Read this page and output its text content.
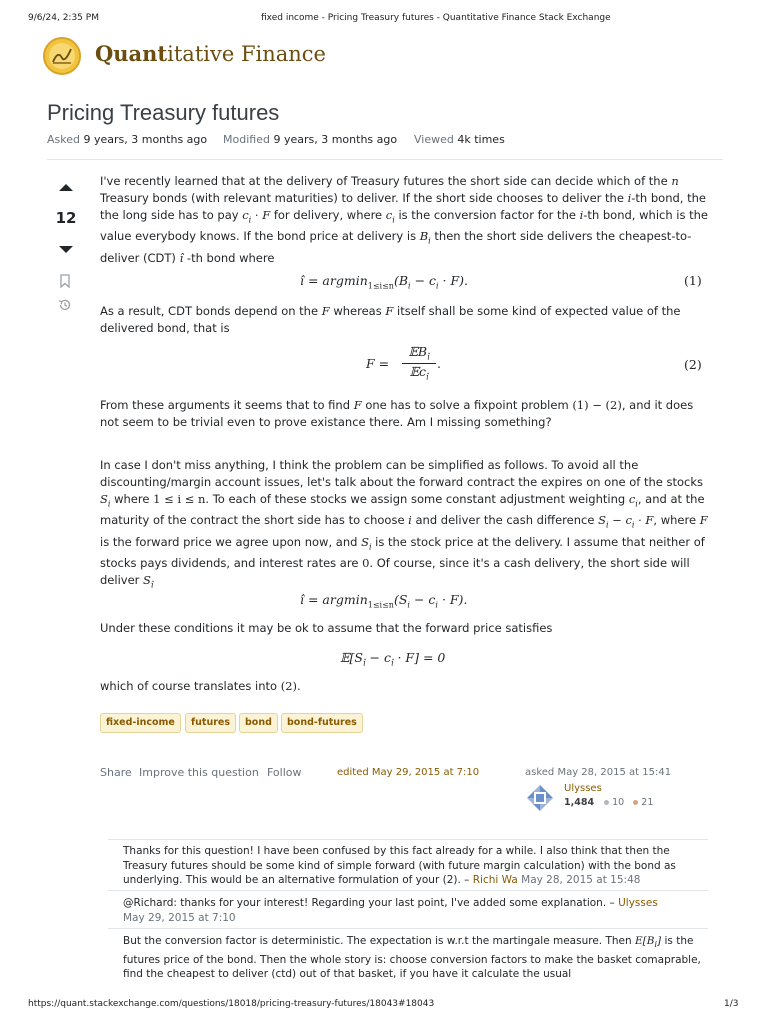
9/6/24, 2:35 PM	fixed income - Pricing Treasury futures - Quantitative Finance Stack Exchange
Quantitative Finance
Pricing Treasury futures
Asked 9 years, 3 months ago Modified 9 years, 3 months ago Viewed 4k times
12
I've recently learned that at the delivery of Treasury futures the short side can decide which of the n Treasury bonds (with relevant maturities) to deliver. If the short side chooses to deliver the i-th bond, the the long side has to pay $c_i \cdot F$ for delivery, where $c_i$ is the conversion factor for the i-th bond, which is the value everybody knows. If the bond price at delivery is $B_i$ then the short side delivers the cheapest-to-deliver (CDT) î -th bond where
î = $argmin_{1\le i\le n}(B_i - c_i \cdot F)$.	(1)
As a result, CDT bonds depend on the F whereas F itself shall be some kind of expected value of the delivered bond, that is
F =
𝔼B$_î$
𝔼c$_î$
.	(2)
From these arguments it seems that to find F one has to solve a fixpoint problem (1) − (2), and it does not seem to be trivial even to prove existance there. Am I missing something?
In case I don't miss anything, I think the problem can be simplified as follows. To avoid all the discounting/margin account issues, let's talk about the forward contract the expires on one of the stocks $S_i$ where 1 ≤ i ≤ n. To each of these stocks we assign some constant adjustment weighting $c_i$, and at the maturity of the contract the short side has to choose i and deliver the cash difference $S_i - c_i \cdot F$, where F is the forward price we agree upon now, and $S_i$ is the stock price at the delivery. I assume that neither of stocks pays dividends, and interest rates are 0. Of course, since it's a cash delivery, the short side will deliver $S_î$
î = $argmin_{1\le i\le n}(S_i - c_i \cdot F)$.
Under these conditions it may be ok to assume that the forward price satisfies
$𝔼[S_î - c_î \cdot F] = 0$
which of course translates into (2).
fixed-income	futures	bond	bond-futures
Share Improve this question Follow	edited May 29, 2015 at 7:10	asked May 28, 2015 at 15:41
Ulysses
1,484 10 21
Thanks for this question! I have been confused by this fact already for a while. I also think that then the Treasury futures should be some kind of simple forward (with future margin calculation) with the bond as underlying. This would be an alternative formulation of your (2). – Richi Wa May 28, 2015 at 15:48
@Richard: thanks for your interest! Regarding your last point, I've added some explanation. – Ulysses
May 29, 2015 at 7:10
But the conversion factor is deterministic. The expectation is w.r.t the martingale measure. Then $E[B_i]$ is the futures price of the bond. Then the whole story is: choose conversion factors to make the basket comaprable, find the cheapest to deliver (ctd) out of that basket, if you have it calculate the usual
https://quant.stackexchange.com/questions/18018/pricing-treasury-futures/18043#18043	1/3
